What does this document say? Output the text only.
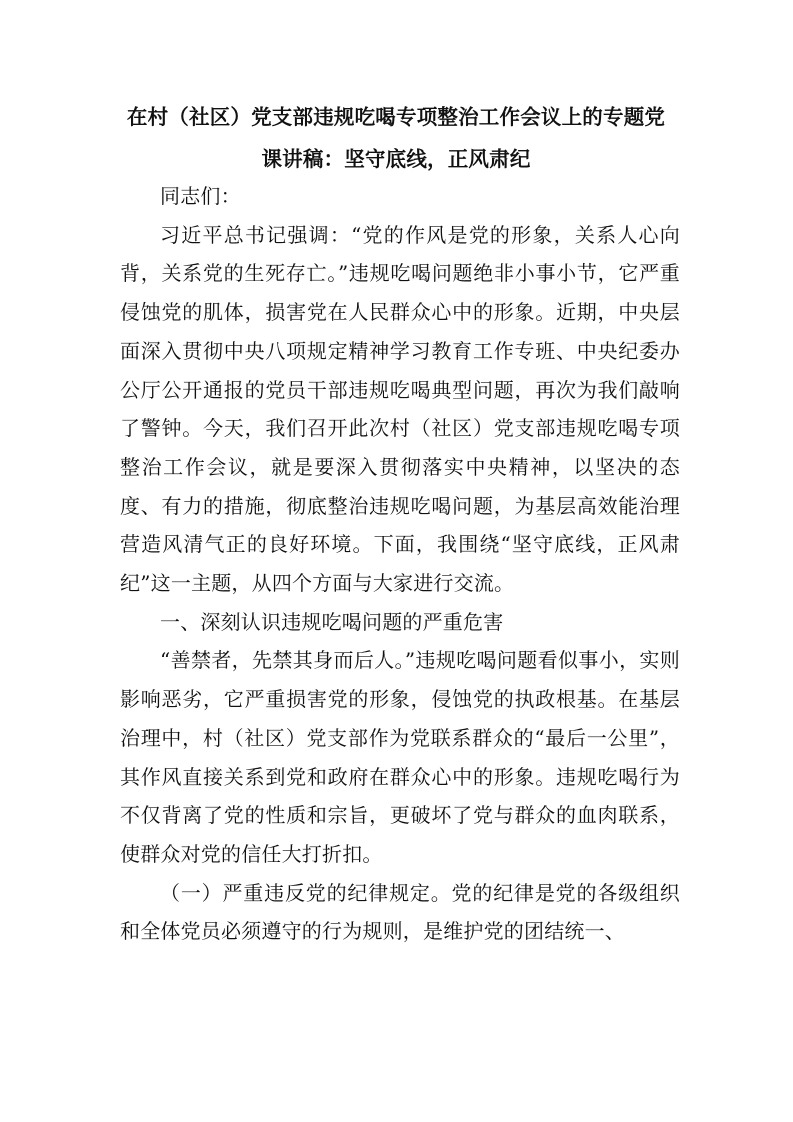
在村（社区）党支部违规吃喝专项整治工作会议上的专题党
课讲稿：坚守底线，正风肃纪

同志们：

习近平总书记强调：“党的作风是党的形象，关系人心向背，关系党的生死存亡。”违规吃喝问题绝非小事小节，它严重侵蚀党的肌体，损害党在人民群众心中的形象。近期，中央层面深入贯彻中央八项规定精神学习教育工作专班、中央纪委办公厅公开通报的党员干部违规吃喝典型问题，再次为我们敲响了警钟。今天，我们召开此次村（社区）党支部违规吃喝专项整治工作会议，就是要深入贯彻落实中央精神，以坚决的态度、有力的措施，彻底整治违规吃喝问题，为基层高效能治理营造风清气正的良好环境。下面，我围绕“坚守底线，正风肃纪”这一主题，从四个方面与大家进行交流。

一、深刻认识违规吃喝问题的严重危害

“善禁者，先禁其身而后人。”违规吃喝问题看似事小，实则影响恶劣，它严重损害党的形象，侵蚀党的执政根基。在基层治理中，村（社区）党支部作为党联系群众的“最后一公里”，其作风直接关系到党和政府在群众心中的形象。违规吃喝行为不仅背离了党的性质和宗旨，更破坏了党与群众的血肉联系，使群众对党的信任大打折扣。

（一）严重违反党的纪律规定。党的纪律是党的各级组织和全体党员必须遵守的行为规则，是维护党的团结统一、
